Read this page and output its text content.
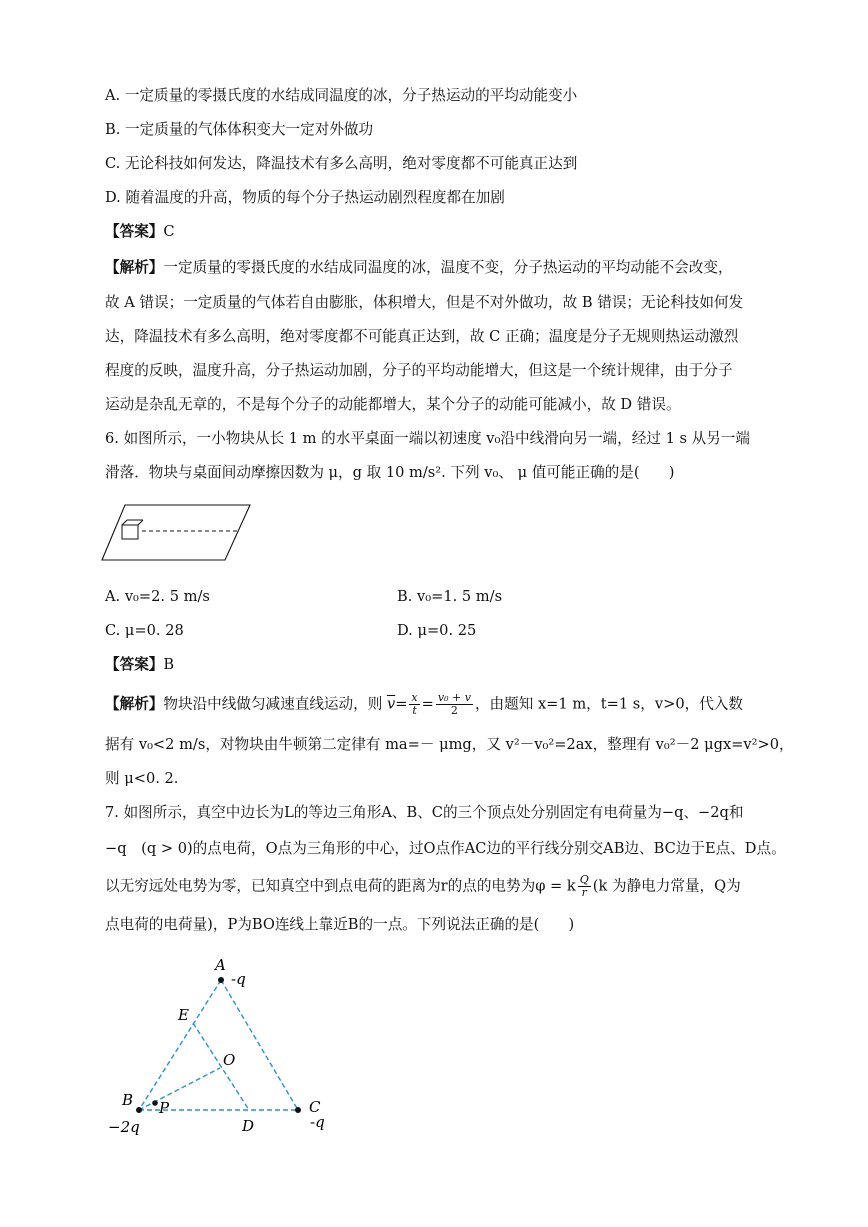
A. 一定质量的零摄氏度的水结成同温度的冰，分子热运动的平均动能变小
B. 一定质量的气体体积变大一定对外做功
C. 无论科技如何发达，降温技术有多么高明，绝对零度都不可能真正达到
D. 随着温度的升高，物质的每个分子热运动剧烈程度都在加剧
【答案】C
【解析】一定质量的零摄氏度的水结成同温度的冰，温度不变，分子热运动的平均动能不会改变，
故 A 错误；一定质量的气体若自由膨胀，体积增大，但是不对外做功，故 B 错误；无论科技如何发
达，降温技术有多么高明，绝对零度都不可能真正达到，故 C 正确；温度是分子无规则热运动激烈
程度的反映，温度升高，分子热运动加剧，分子的平均动能增大，但这是一个统计规律，由于分子
运动是杂乱无章的，不是每个分子的动能都增大，某个分子的动能可能减小，故 D 错误。
6. 如图所示，一小物块从长 1 m 的水平桌面一端以初速度 v₀沿中线滑向另一端，经过 1 s 从另一端
滑落．物块与桌面间动摩擦因数为 μ，g 取 10 m/s². 下列 v₀、 μ 值可能正确的是(　　)
A. v₀=2. 5 m/s	B. v₀=1. 5 m/s
C. μ=0. 28	D. μ=0. 25
【答案】B
【解析】物块沿中线做匀减速直线运动，则 $\overline{v}= \frac{x}{t} = \frac{\text{v₀ + v}}{2}$ ，由题知 x=1 m，t=1 s，v>0，代入数
据有 v₀<2 m/s，对物块由牛顿第二定律有 ma=－ μmg，又 v²－v₀²=2ax，整理有 v₀²－2 μgx=v²>0，
则 μ<0. 2.
7. 如图所示，真空中边长为L的等边三角形A、B、C的三个顶点处分别固定有电荷量为−q、−2q和
−q　(q > 0)的点电荷，O点为三角形的中心，过O点作AC边的平行线分别交AB边、BC边于E点、D点。
以无穷远处电势为零，已知真空中到点电荷的距离为r的点的电势为φ = k $\frac{Q}{r} (k$ 为静电力常量，Q为
点电荷的电荷量)，P为BO连线上靠近B的一点。下列说法正确的是(　　)
A
-q
E
O
B P
−2q	D
C
-q
